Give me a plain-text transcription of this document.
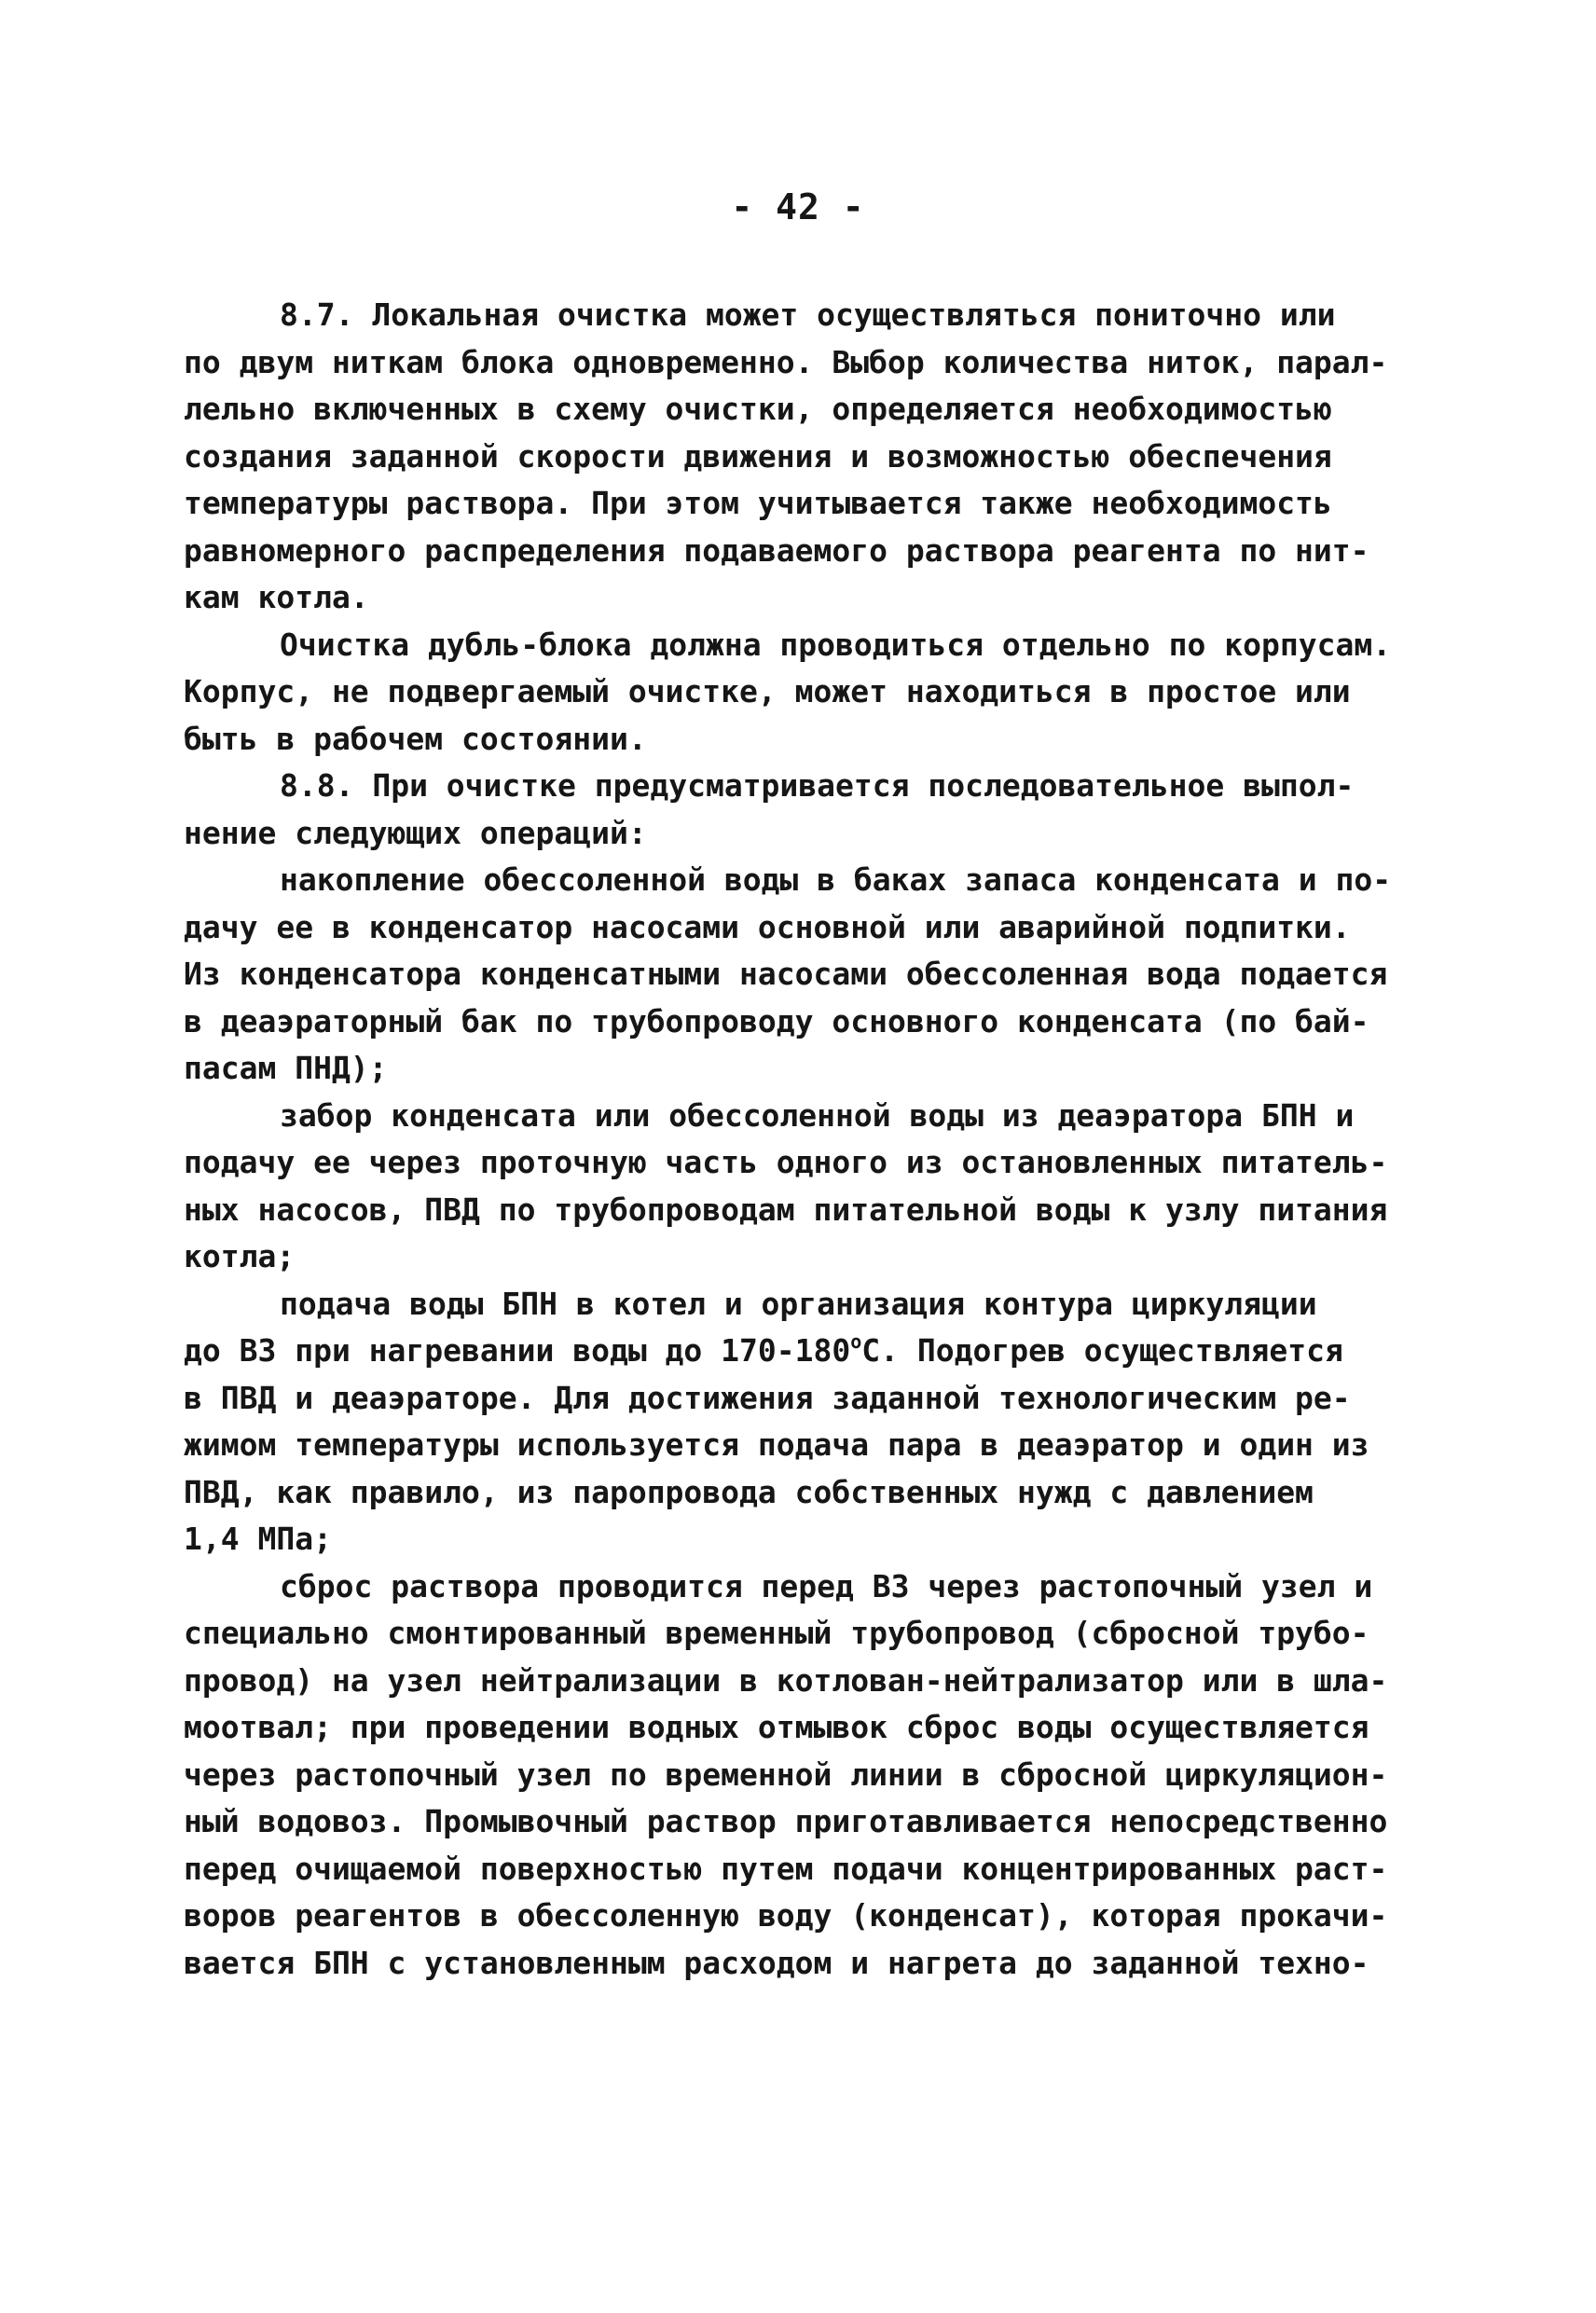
- 42 -

8.7. Локальная очистка может осуществляться пониточно или

по двум ниткам блока одновременно. Выбор количества ниток, парал-

лельно включенных в схему очистки, определяется необходимостью

создания заданной скорости движения и возможностью обеспечения

температуры раствора. При этом учитывается также необходимость

равномерного распределения подаваемого раствора реагента по нит-

кам котла.

Очистка дубль-блока должна проводиться отдельно по корпусам.

Корпус, не подвергаемый очистке, может находиться в простое или

быть в рабочем состоянии.

8.8. При очистке предусматривается последовательное выпол-

нение следующих операций:

накопление обессоленной воды в баках запаса конденсата и по-

дачу ее в конденсатор насосами основной или аварийной подпитки.

Из конденсатора конденсатными насосами обессоленная вода подается

в деаэраторный бак по трубопроводу основного конденсата (по бай-

пасам ПНД);

забор конденсата или обессоленной воды из деаэратора БПН и

подачу ее через проточную часть одного из остановленных питатель-

ных насосов, ПВД по трубопроводам питательной воды к узлу питания

котла;

подача воды БПН в котел и организация контура циркуляции

до ВЗ при нагревании воды до $170-180^оС$. Подогрев осуществляется

в ПВД и деаэраторе. Для достижения заданной технологическим ре-

жимом температуры используется подача пара в деаэратор и один из

ПВД, как правило, из паропровода собственных нужд с давлением

1,4 МПа;

сброс раствора проводится перед ВЗ через растопочный узел и

специально смонтированный временный трубопровод (сбросной трубо-

провод) на узел нейтрализации в котлован-нейтрализатор или в шла-

моотвал; при проведении водных отмывок сброс воды осуществляется

через растопочный узел по временной линии в сбросной циркуляцион-

ный водовоз. Промывочный раствор приготавливается непосредственно

перед очищаемой поверхностью путем подачи концентрированных раст-

воров реагентов в обессоленную воду (конденсат), которая прокачи-

вается БПН с установленным расходом и нагрета до заданной техно-
